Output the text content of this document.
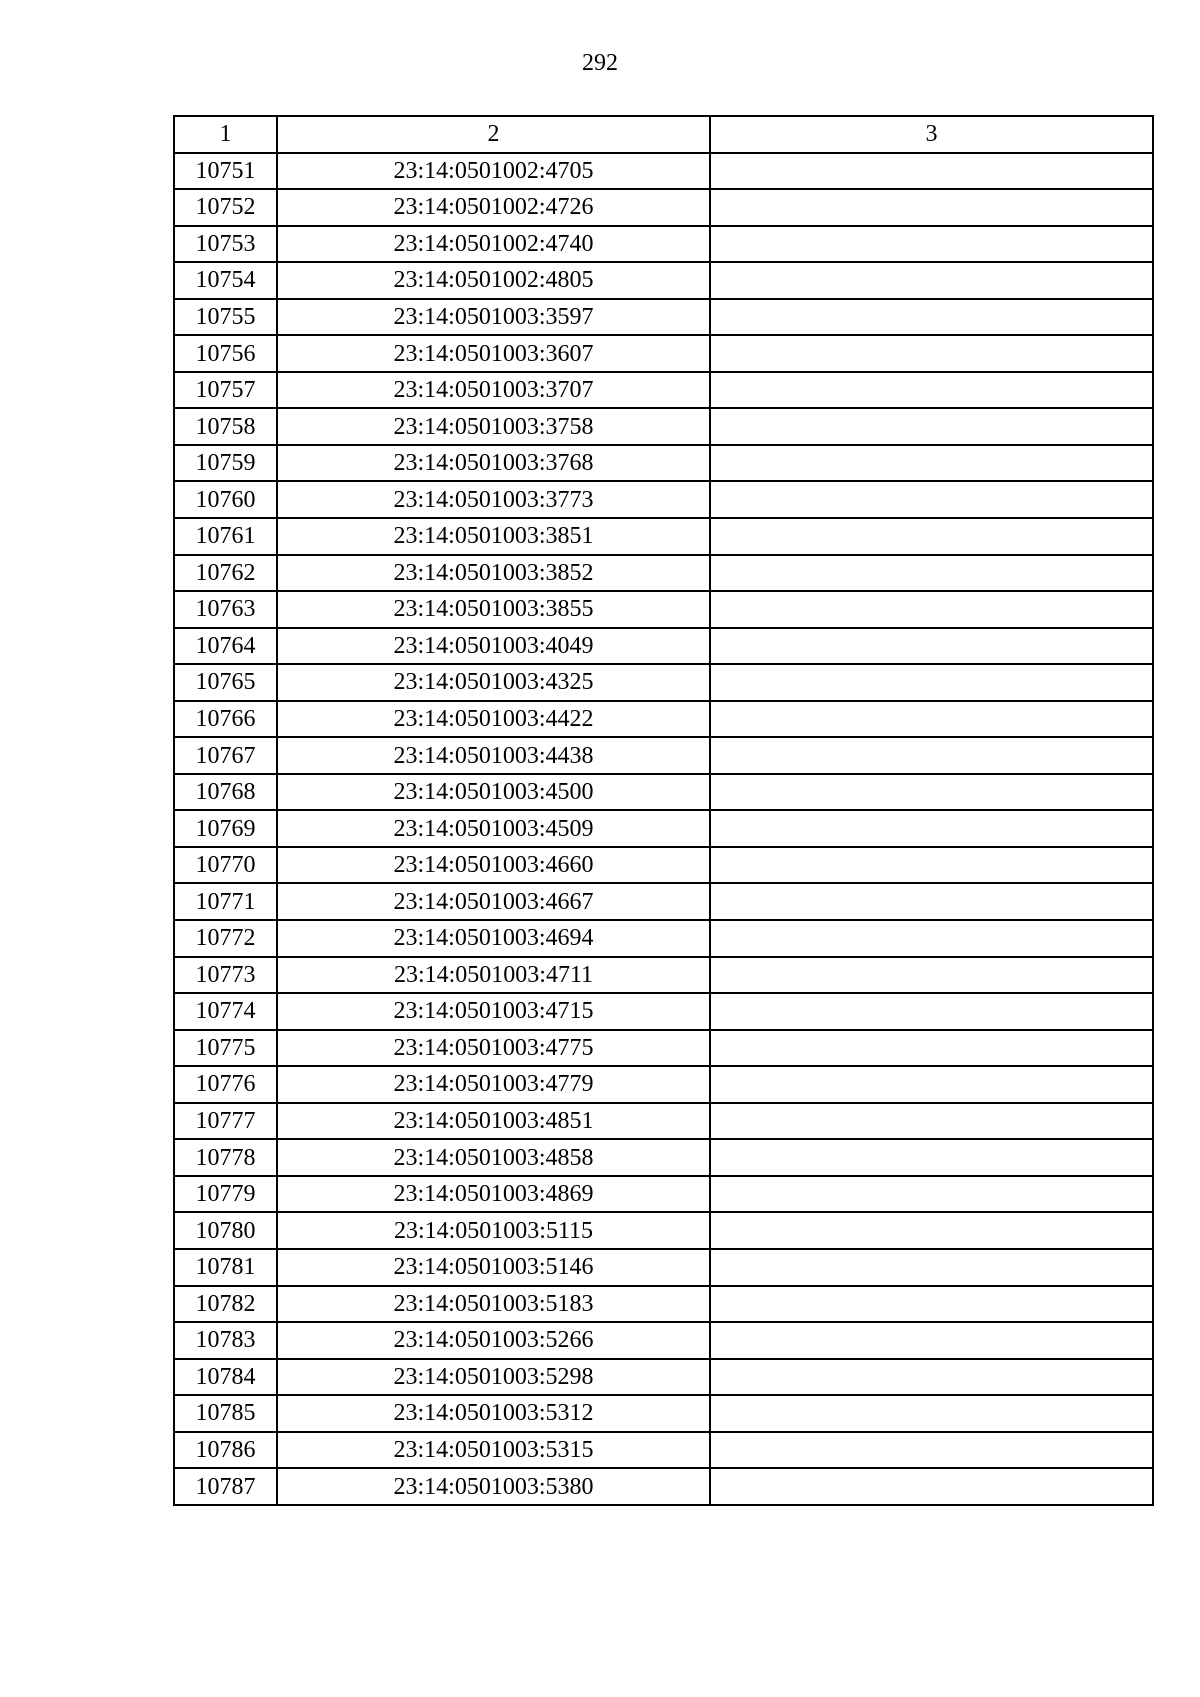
292
1	2	3
10751	23:14:0501002:4705	
10752	23:14:0501002:4726	
10753	23:14:0501002:4740	
10754	23:14:0501002:4805	
10755	23:14:0501003:3597	
10756	23:14:0501003:3607	
10757	23:14:0501003:3707	
10758	23:14:0501003:3758	
10759	23:14:0501003:3768	
10760	23:14:0501003:3773	
10761	23:14:0501003:3851	
10762	23:14:0501003:3852	
10763	23:14:0501003:3855	
10764	23:14:0501003:4049	
10765	23:14:0501003:4325	
10766	23:14:0501003:4422	
10767	23:14:0501003:4438	
10768	23:14:0501003:4500	
10769	23:14:0501003:4509	
10770	23:14:0501003:4660	
10771	23:14:0501003:4667	
10772	23:14:0501003:4694	
10773	23:14:0501003:4711	
10774	23:14:0501003:4715	
10775	23:14:0501003:4775	
10776	23:14:0501003:4779	
10777	23:14:0501003:4851	
10778	23:14:0501003:4858	
10779	23:14:0501003:4869	
10780	23:14:0501003:5115	
10781	23:14:0501003:5146	
10782	23:14:0501003:5183	
10783	23:14:0501003:5266	
10784	23:14:0501003:5298	
10785	23:14:0501003:5312	
10786	23:14:0501003:5315	
10787	23:14:0501003:5380	
